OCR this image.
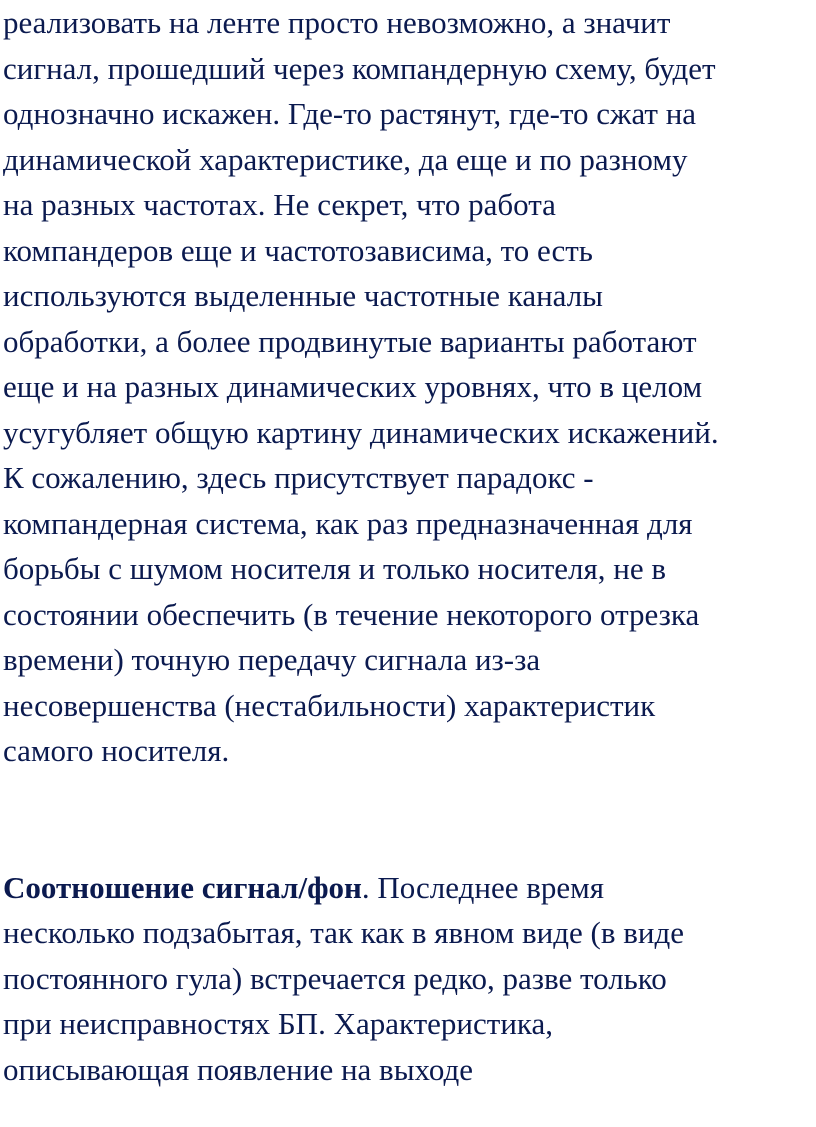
реализовать на ленте просто невозможно, а значит
сигнал, прошедший через компандерную схему, будет
однозначно искажен. Где-то растянут, где-то сжат на
динамической характеристике, да еще и по разному
на разных частотах. Не секрет, что работа
компандеров еще и частотозависима, то есть
используются выделенные частотные каналы
обработки, а более продвинутые варианты работают
еще и на разных динамических уровнях, что в целом
усугубляет общую картину динамических искажений.
К сожалению, здесь присутствует парадокс -
компандерная система, как раз предназначенная для
борьбы с шумом носителя и только носителя, не в
состоянии обеспечить (в течение некоторого отрезка
времени) точную передачу сигнала из-за
несовершенства (нестабильности) характеристик
самого носителя.
Соотношение сигнал/фон. Последнее время
несколько подзабытая, так как в явном виде (в виде
постоянного гула) встречается редко, разве только
при неисправностях БП. Характеристика,
описывающая появление на выходе
